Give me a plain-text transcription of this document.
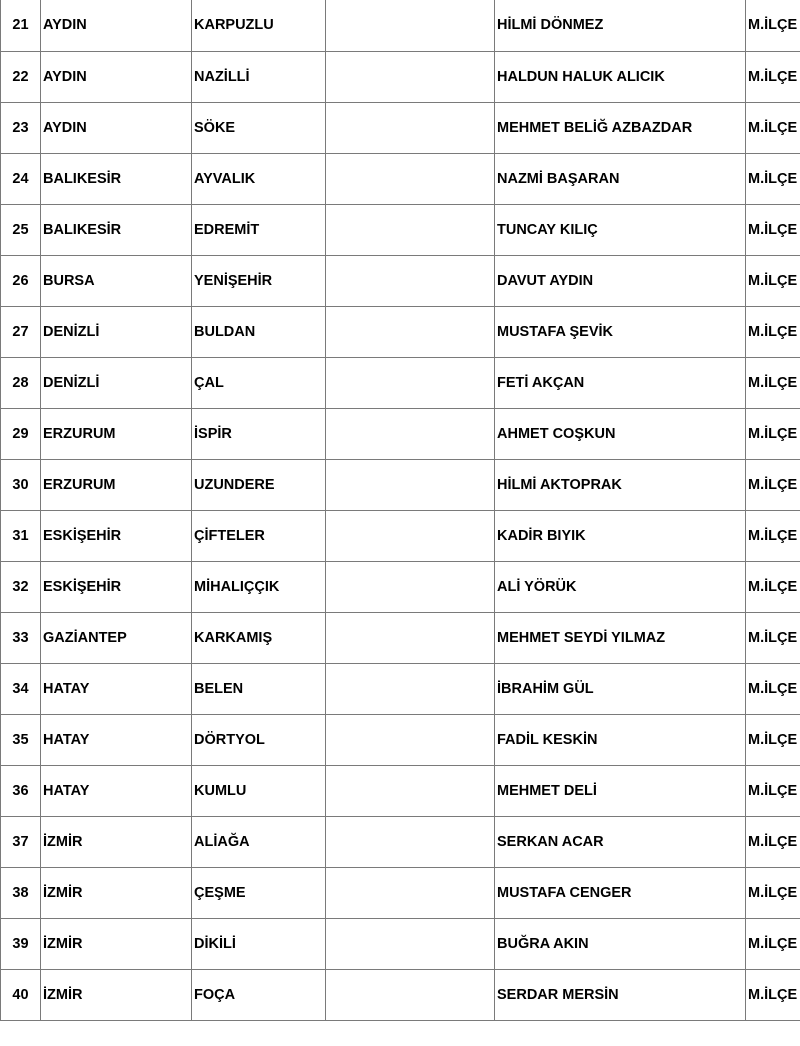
21	AYDIN	KARPUZLU		HİLMİ DÖNMEZ	M.İLÇE
22	AYDIN	NAZİLLİ		HALDUN HALUK ALICIK	M.İLÇE
23	AYDIN	SÖKE		MEHMET BELİĞ AZBAZDAR	M.İLÇE
24	BALIKESİR	AYVALIK		NAZMİ BAŞARAN	M.İLÇE
25	BALIKESİR	EDREMİT		TUNCAY KILIÇ	M.İLÇE
26	BURSA	YENİŞEHİR		DAVUT AYDIN	M.İLÇE
27	DENİZLİ	BULDAN		MUSTAFA ŞEVİK	M.İLÇE
28	DENİZLİ	ÇAL		FETİ AKÇAN	M.İLÇE
29	ERZURUM	İSPİR		AHMET COŞKUN	M.İLÇE
30	ERZURUM	UZUNDERE		HİLMİ AKTOPRAK	M.İLÇE
31	ESKİŞEHİR	ÇİFTELER		KADİR BIYIK	M.İLÇE
32	ESKİŞEHİR	MİHALIÇÇIK		ALİ YÖRÜK	M.İLÇE
33	GAZİANTEP	KARKAMIŞ		MEHMET SEYDİ YILMAZ	M.İLÇE
34	HATAY	BELEN		İBRAHİM GÜL	M.İLÇE
35	HATAY	DÖRTYOL		FADİL KESKİN	M.İLÇE
36	HATAY	KUMLU		MEHMET DELİ	M.İLÇE
37	İZMİR	ALİAĞA		SERKAN ACAR	M.İLÇE
38	İZMİR	ÇEŞME		MUSTAFA CENGER	M.İLÇE
39	İZMİR	DİKİLİ		BUĞRA AKIN	M.İLÇE
40	İZMİR	FOÇA		SERDAR MERSİN	M.İLÇE
